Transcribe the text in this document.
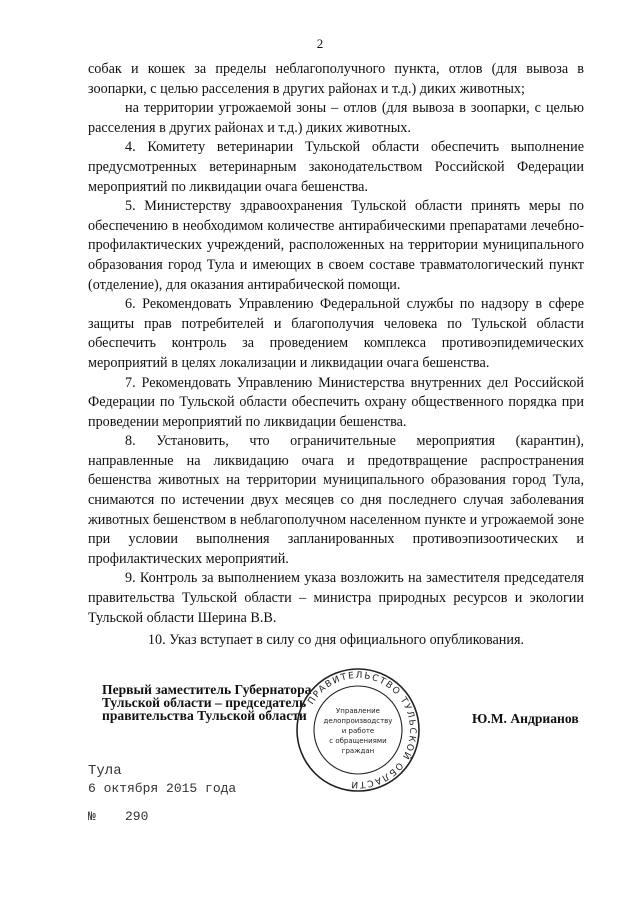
2

собак и кошек за пределы неблагополучного пункта, отлов (для вывоза в зоопарки, с целью расселения в других районах и т.д.) диких животных;

на территории угрожаемой зоны – отлов (для вывоза в зоопарки, с целью расселения в других районах и т.д.) диких животных.

4. Комитету ветеринарии Тульской области обеспечить выполнение предусмотренных ветеринарным законодательством Российской Федерации мероприятий по ликвидации очага бешенства.

5. Министерству здравоохранения Тульской области принять меры по обеспечению в необходимом количестве антирабическими препаратами лечебно-профилактических учреждений, расположенных на территории муниципального образования город Тула и имеющих в своем составе травматологический пункт (отделение), для оказания антирабической помощи.

6. Рекомендовать Управлению Федеральной службы по надзору в сфере защиты прав потребителей и благополучия человека по Тульской области обеспечить контроль за проведением комплекса противоэпидемических мероприятий в целях локализации и ликвидации очага бешенства.

7. Рекомендовать Управлению Министерства внутренних дел Российской Федерации по Тульской области обеспечить охрану общественного порядка при проведении мероприятий по ликвидации бешенства.

8. Установить, что ограничительные мероприятия (карантин), направленные на ликвидацию очага и предотвращение распространения бешенства животных на территории муниципального образования город Тула, снимаются по истечении двух месяцев со дня последнего случая заболевания животных бешенством в неблагополучном населенном пункте и угрожаемой зоне при условии выполнения запланированных противоэпизоотических и профилактических мероприятий.

9. Контроль за выполнением указа возложить на заместителя председателя правительства Тульской области – министра природных ресурсов и экологии Тульской области Шерина В.В.

10. Указ вступает в силу со дня официального опубликования.

Первый заместитель Губернатора
Тульской области – председатель
правительства Тульской области	Ю.М. Андрианов
ПРАВИТЕЛЬСТВО ТУЛЬСКОЙ ОБЛАСТИ
Управление
делопроизводству
и работе
с обращениями
граждан
Тула
6 октября 2015 года
№ 290
